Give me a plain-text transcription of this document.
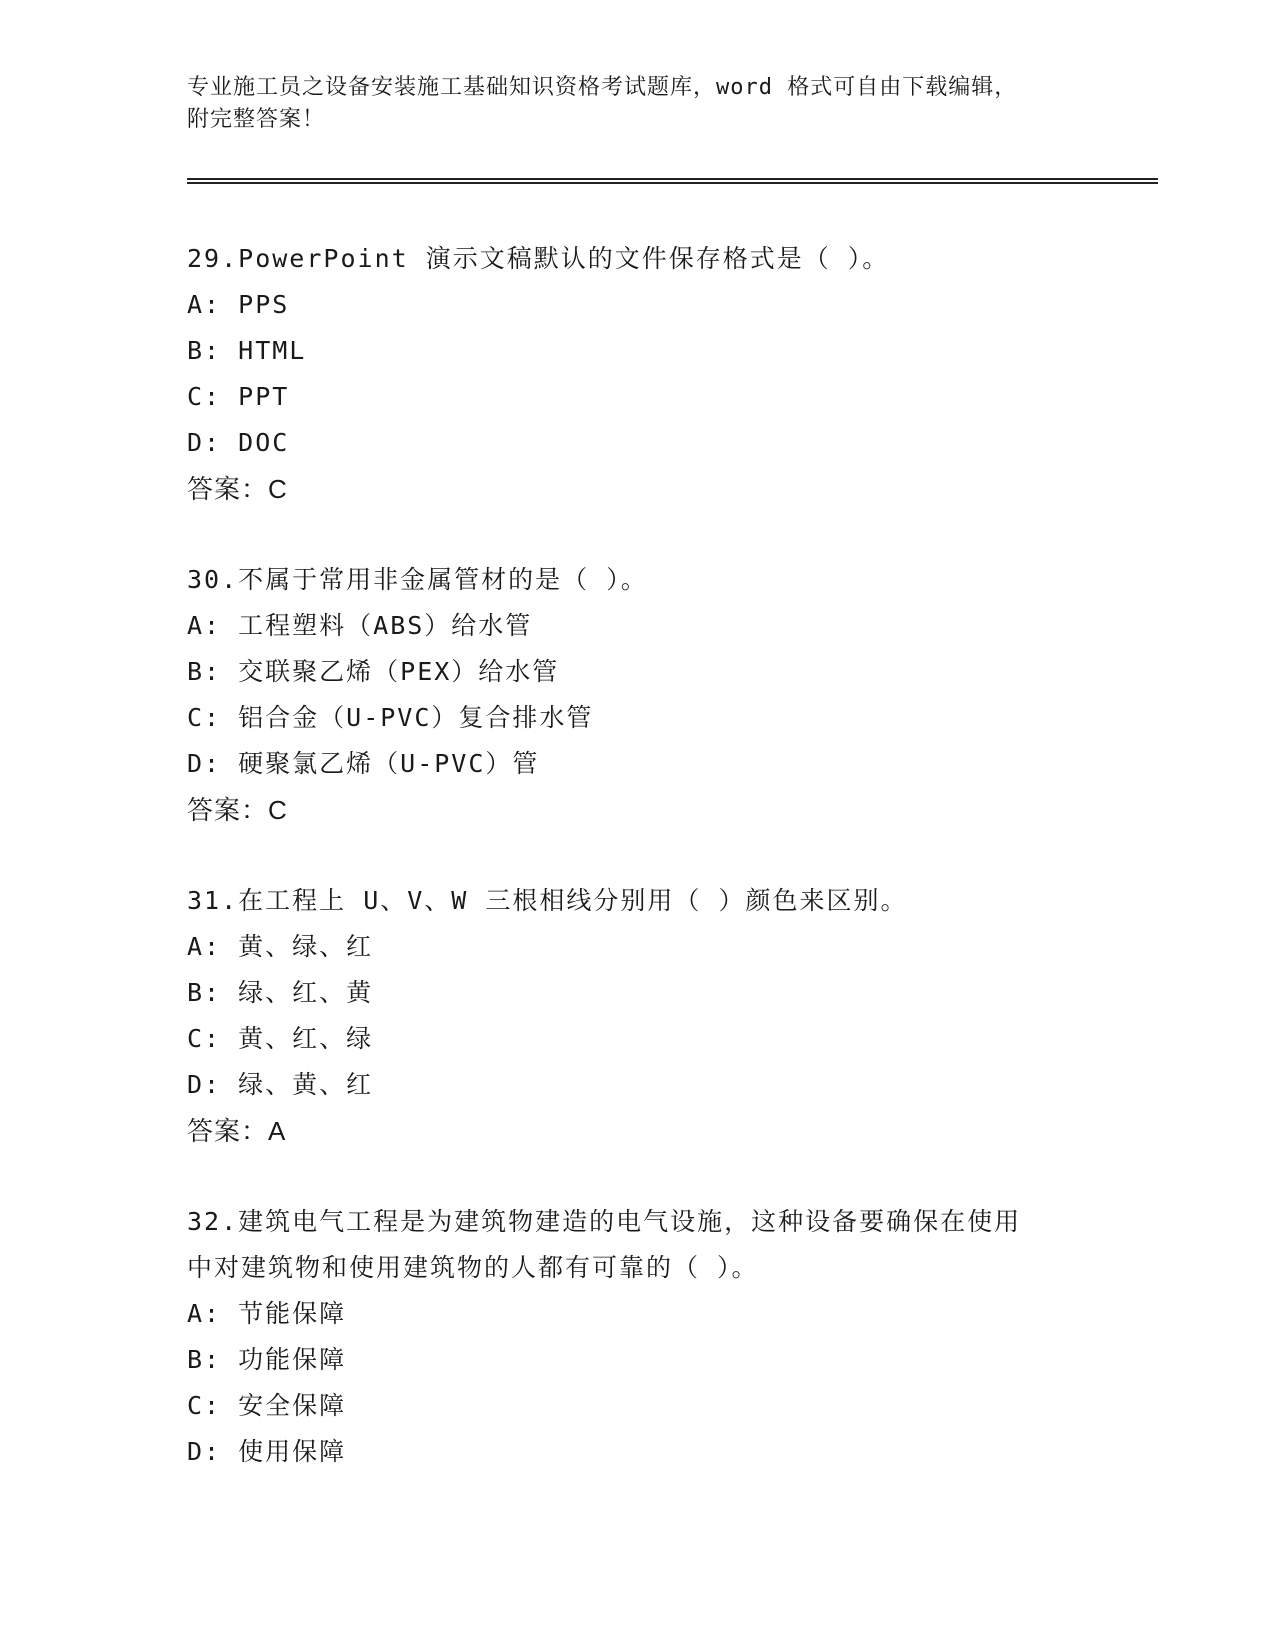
专业施工员之设备安装施工基础知识资格考试题库，word 格式可自由下载编辑，
附完整答案！
29.PowerPoint 演示文稿默认的文件保存格式是（ ）。
A: PPS
B: HTML
C: PPT
D: DOC
答案：C
30.不属于常用非金属管材的是（ ）。
A: 工程塑料（ABS）给水管
B: 交联聚乙烯（PEX）给水管
C: 铝合金（U-PVC）复合排水管
D: 硬聚氯乙烯（U-PVC）管
答案：C
31.在工程上 U、V、W 三根相线分别用（ ）颜色来区别。
A: 黄、绿、红
B: 绿、红、黄
C: 黄、红、绿
D: 绿、黄、红
答案：A
32.建筑电气工程是为建筑物建造的电气设施，这种设备要确保在使用
中对建筑物和使用建筑物的人都有可靠的（ ）。
A: 节能保障
B: 功能保障
C: 安全保障
D: 使用保障
